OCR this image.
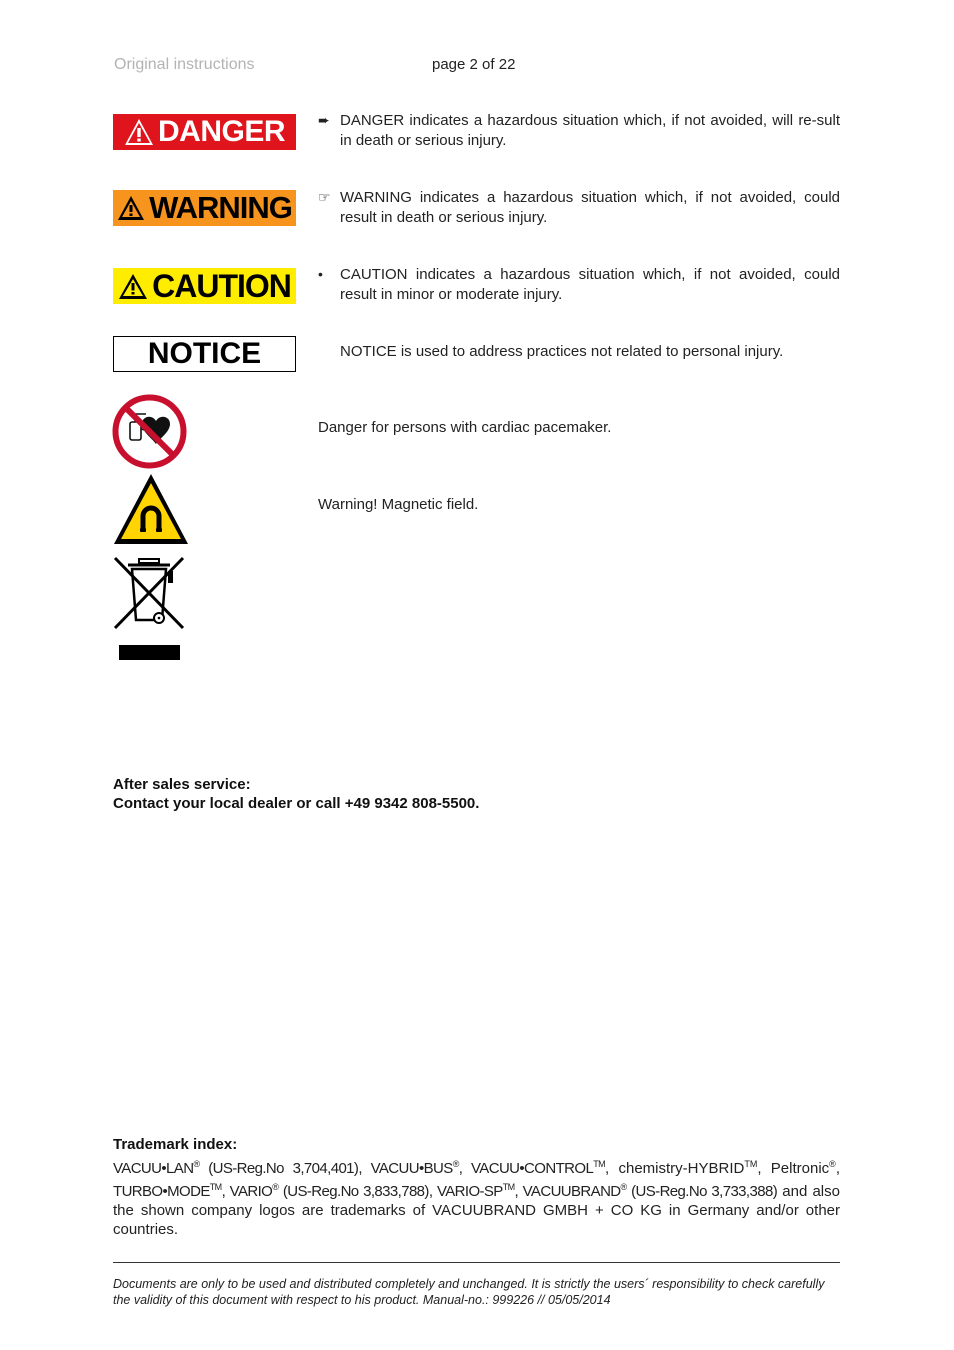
Original instructions	page 2 of 22
DANGER ➨ DANGER indicates a hazardous situation which, if not avoided, will re-sult in death or serious injury.
WARNING ☞ WARNING indicates a hazardous situation which, if not avoided, could result in death or serious injury.
CAUTION •	CAUTION indicates a hazardous situation which, if not avoided, could result in minor or moderate injury.
NOTICE	NOTICE is used to address practices not related to personal injury.
Danger for persons with cardiac pacemaker.
Warning! Magnetic field.
After sales service:
Contact your local dealer or call +49 9342 808-5500.
Trademark index:
VACUU•LAN® (US-Reg.No 3,704,401), VACUU•BUS®, VACUU•CONTROL™, chemistry-HYBRID™, Peltronic®, TURBO•MODE™, VARIO® (US-Reg.No 3,833,788), VARIO-SP™, VACUUBRAND® (US-Reg.No 3,733,388) and also the shown company logos are trademarks of VACUUBRAND GMBH + CO KG in Germany and/or other countries.
Documents are only to be used and distributed completely and unchanged. It is strictly the users´ responsibility to check carefully the validity of this document with respect to his product. Manual-no.: 999226 // 05/05/2014
